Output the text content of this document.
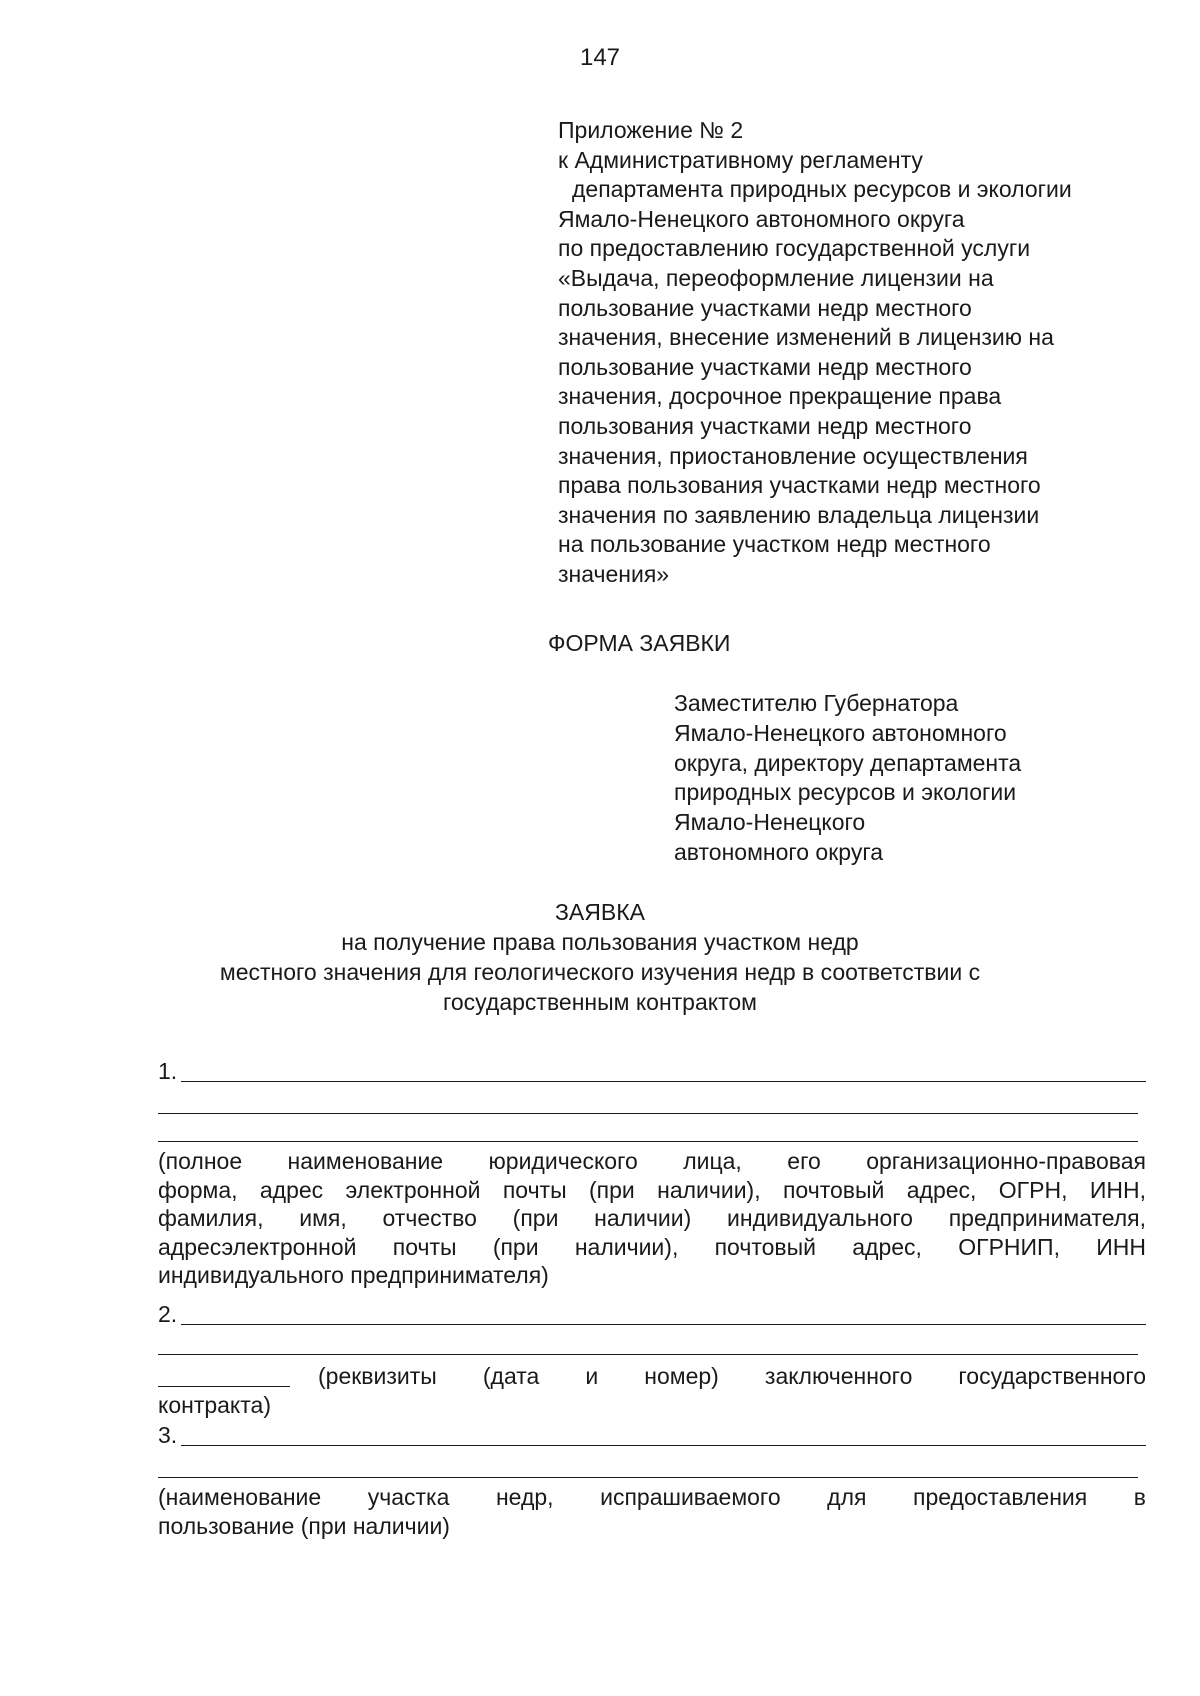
147
Приложение № 2
к Административному регламенту
департамента природных ресурсов и экологии
Ямало-Ненецкого автономного округа
по предоставлению государственной услуги
«Выдача, переоформление лицензии на
пользование участками недр местного
значения, внесение изменений в лицензию на
пользование участками недр местного
значения, досрочное прекращение права
пользования участками недр местного
значения, приостановление осуществления
права пользования участками недр местного
значения по заявлению владельца лицензии
на пользование участком недр местного
значения»
ФОРМА ЗАЯВКИ
Заместителю Губернатора
Ямало-Ненецкого автономного
округа, директору департамента
природных ресурсов и экологии
Ямало-Ненецкого
автономного округа
ЗАЯВКА
на получение права пользования участком недр
местного значения для геологического изучения недр в соответствии с
государственным контрактом
1.
(полное наименование юридического лица, его организационно-правовая
форма, адрес электронной почты (при наличии), почтовый адрес, ОГРН, ИНН,
фамилия, имя, отчество (при наличии) индивидуального предпринимателя,
адресэлектронной почты (при наличии), почтовый адрес, ОГРНИП, ИНН
индивидуального предпринимателя)
2.
(реквизиты (дата и номер) заключенного государственного
контракта)
3.
(наименование участка недр, испрашиваемого для предоставления в
пользование (при наличии)
